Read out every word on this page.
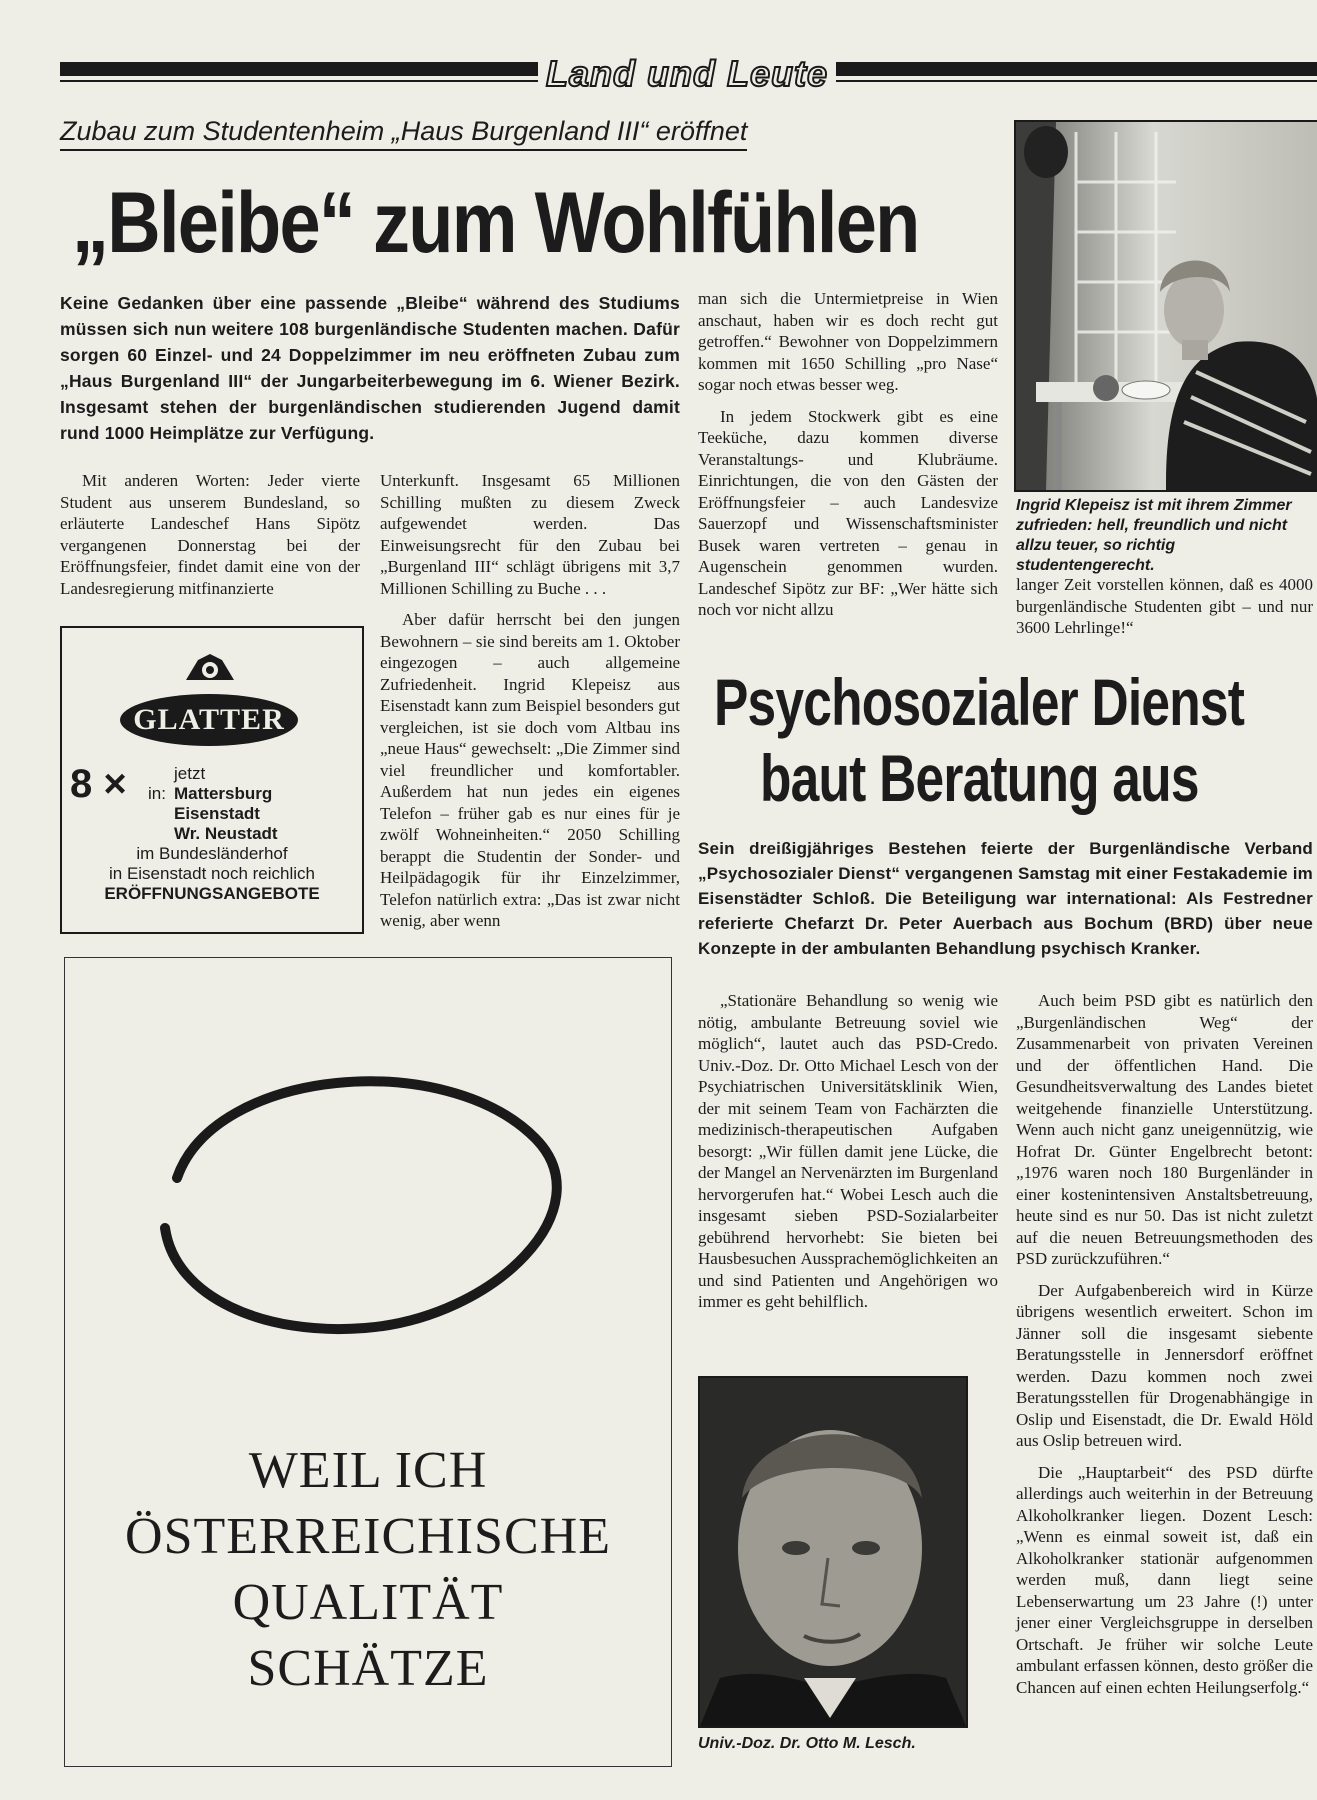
Land und Leute
Zubau zum Studentenheim „Haus Burgenland III“ eröffnet
„Bleibe“ zum Wohlfühlen
Keine Gedanken über eine passende „Bleibe“ während des Studiums müssen sich nun weitere 108 burgenländische Studenten machen. Dafür sorgen 60 Einzel- und 24 Doppelzimmer im neu eröffneten Zubau zum „Haus Burgenland III“ der Jungarbeiterbewegung im 6. Wiener Bezirk. Insgesamt stehen der burgenländischen studierenden Jugend damit rund 1000 Heimplätze zur Verfügung.

Mit anderen Worten: Jeder vierte Student aus unserem Bundesland, so erläuterte Landeschef Hans Sipötz vergangenen Donnerstag bei der Eröffnungsfeier, findet damit eine von der Landesregierung mitfinanzierte

Unterkunft. Insgesamt 65 Millionen Schilling mußten zu diesem Zweck aufgewendet werden. Das Einweisungsrecht für den Zubau bei „Burgenland III“ schlägt übrigens mit 3,7 Millionen Schilling zu Buche . . .

Aber dafür herrscht bei den jungen Bewohnern – sie sind bereits am 1. Oktober eingezogen – auch allgemeine Zufriedenheit. Ingrid Klepeisz aus Eisenstadt kann zum Beispiel besonders gut vergleichen, ist sie doch vom Altbau ins „neue Haus“ gewechselt: „Die Zimmer sind viel freundlicher und komfortabler. Außerdem hat nun jedes ein eigenes Telefon – früher gab es nur eines für je zwölf Wohneinheiten.“ 2050 Schilling berappt die Studentin der Sonder- und Heilpädagogik für ihr Einzelzimmer, Telefon natürlich extra: „Das ist zwar nicht wenig, aber wenn

man sich die Untermietpreise in Wien anschaut, haben wir es doch recht gut getroffen.“ Bewohner von Doppelzimmern kommen mit 1650 Schilling „pro Nase“ sogar noch etwas besser weg.

In jedem Stockwerk gibt es eine Teeküche, dazu kommen diverse Veranstaltungs- und Klubräume. Einrichtungen, die von den Gästen der Eröffnungsfeier – auch Landesvize Sauerzopf und Wissenschaftsminister Busek waren vertreten – genau in Augenschein genommen wurden. Landeschef Sipötz zur BF: „Wer hätte sich noch vor nicht allzu

langer Zeit vorstellen können, daß es 4000 burgenländische Studenten gibt – und nur 3600 Lehrlinge!“

Ingrid Klepeisz ist mit ihrem Zimmer zufrieden: hell, freundlich und nicht allzu teuer, so richtig studentengerecht.
GLATTER
8 ×	jetzt
in: Mattersburg
Eisenstadt
Wr. Neustadt
im Bundesländerhof
in Eisenstadt noch reichlich
ERÖFFNUNGSANGEBOTE
WEIL ICH
ÖSTERREICHISCHE
QUALITÄT
SCHÄTZE
Psychosozialer Dienst
baut Beratung aus
Sein dreißigjähriges Bestehen feierte der Burgenländische Verband „Psychosozialer Dienst“ vergangenen Samstag mit einer Festakademie im Eisenstädter Schloß. Die Beteiligung war international: Als Festredner referierte Chefarzt Dr. Peter Auerbach aus Bochum (BRD) über neue Konzepte in der ambulanten Behandlung psychisch Kranker.

„Stationäre Behandlung so wenig wie nötig, ambulante Betreuung soviel wie möglich“, lautet auch das PSD-Credo. Univ.-Doz. Dr. Otto Michael Lesch von der Psychiatrischen Universitätsklinik Wien, der mit seinem Team von Fachärzten die medizinisch-therapeutischen Aufgaben besorgt: „Wir füllen damit jene Lücke, die der Mangel an Nervenärzten im Burgenland hervorgerufen hat.“ Wobei Lesch auch die insgesamt sieben PSD-Sozialarbeiter gebührend hervorhebt: Sie bieten bei Hausbesuchen Aussprachemöglichkeiten an und sind Patienten und Angehörigen wo immer es geht behilflich.

Auch beim PSD gibt es natürlich den „Burgenländischen Weg“ der Zusammenarbeit von privaten Vereinen und der öffentlichen Hand. Die Gesundheitsverwaltung des Landes bietet weitgehende finanzielle Unterstützung. Wenn auch nicht ganz uneigennützig, wie Hofrat Dr. Günter Engelbrecht betont: „1976 waren noch 180 Burgenländer in einer kostenintensiven Anstaltsbetreuung, heute sind es nur 50. Das ist nicht zuletzt auf die neuen Betreuungsmethoden des PSD zurückzuführen.“

Der Aufgabenbereich wird in Kürze übrigens wesentlich erweitert. Schon im Jänner soll die insgesamt siebente Beratungsstelle in Jennersdorf eröffnet werden. Dazu kommen noch zwei Beratungsstellen für Drogenabhängige in Oslip und Eisenstadt, die Dr. Ewald Höld aus Oslip betreuen wird.

Die „Hauptarbeit“ des PSD dürfte allerdings auch weiterhin in der Betreuung Alkoholkranker liegen. Dozent Lesch: „Wenn es einmal soweit ist, daß ein Alkoholkranker stationär aufgenommen werden muß, dann liegt seine Lebenserwartung um 23 Jahre (!) unter jener einer Vergleichsgruppe in derselben Ortschaft. Je früher wir solche Leute ambulant erfassen können, desto größer die Chancen auf einen echten Heilungserfolg.“

Univ.-Doz. Dr. Otto M. Lesch.
